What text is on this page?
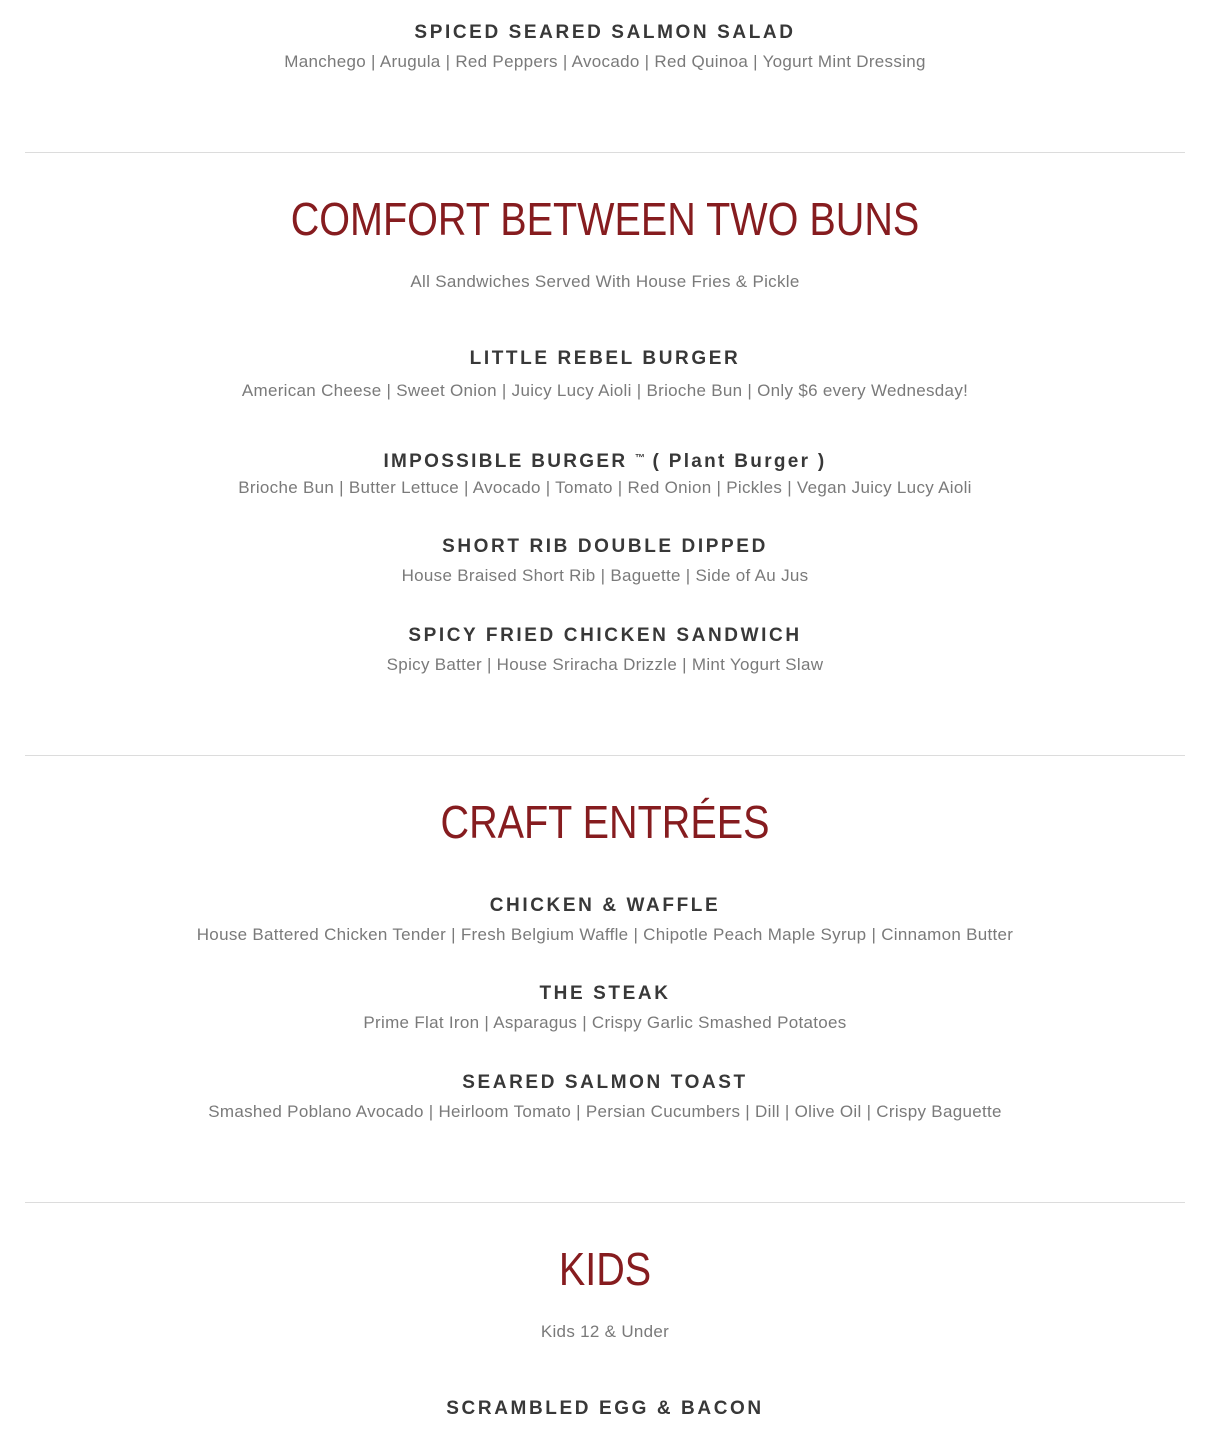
SPICED SEARED SALMON SALAD
Manchego | Arugula | Red Peppers | Avocado | Red Quinoa | Yogurt Mint Dressing
COMFORT BETWEEN TWO BUNS
All Sandwiches Served With House Fries & Pickle
LITTLE REBEL BURGER
American Cheese | Sweet Onion | Juicy Lucy Aioli | Brioche Bun | Only $6 every Wednesday!
IMPOSSIBLE BURGER ™ ( Plant Burger )
Brioche Bun | Butter Lettuce | Avocado | Tomato | Red Onion | Pickles | Vegan Juicy Lucy Aioli
SHORT RIB DOUBLE DIPPED
House Braised Short Rib | Baguette | Side of Au Jus
SPICY FRIED CHICKEN SANDWICH
Spicy Batter | House Sriracha Drizzle | Mint Yogurt Slaw
CRAFT ENTRÉES
CHICKEN & WAFFLE
House Battered Chicken Tender | Fresh Belgium Waffle | Chipotle Peach Maple Syrup | Cinnamon Butter
THE STEAK
Prime Flat Iron | Asparagus | Crispy Garlic Smashed Potatoes
SEARED SALMON TOAST
Smashed Poblano Avocado | Heirloom Tomato | Persian Cucumbers | Dill | Olive Oil | Crispy Baguette
KIDS
Kids 12 & Under
SCRAMBLED EGG & BACON
